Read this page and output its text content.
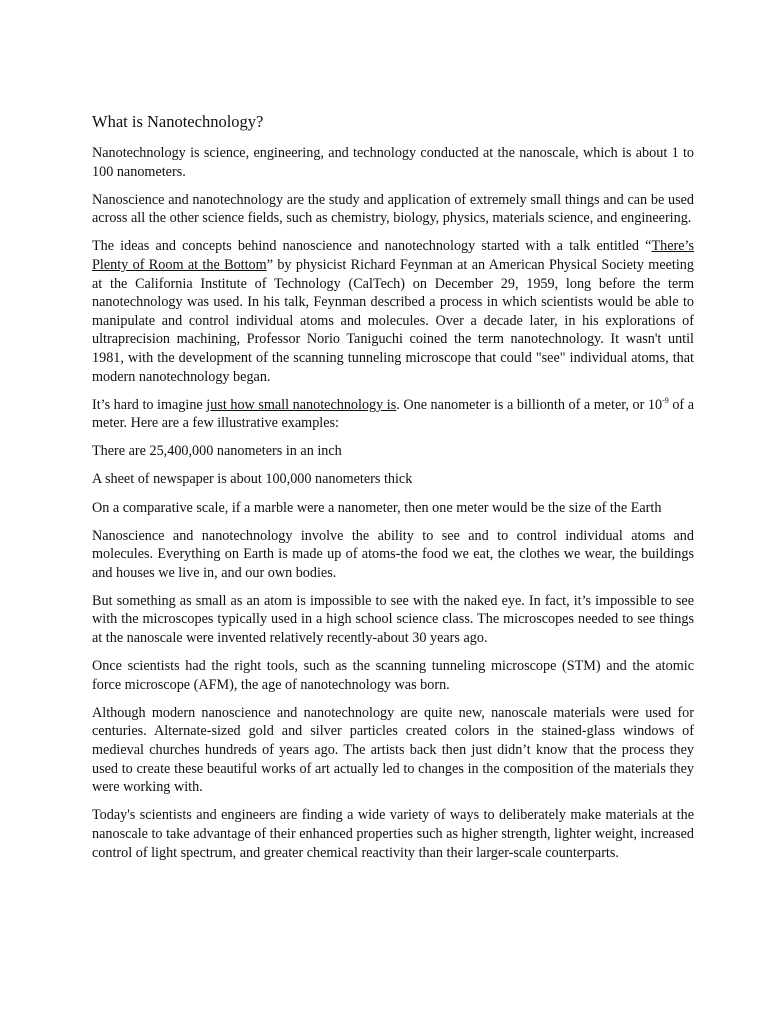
What is Nanotechnology?

Nanotechnology is science, engineering, and technology conducted at the nanoscale, which is about 1 to 100 nanometers.

Nanoscience and nanotechnology are the study and application of extremely small things and can be used across all the other science fields, such as chemistry, biology, physics, materials science, and engineering.

The ideas and concepts behind nanoscience and nanotechnology started with a talk entitled “There’s Plenty of Room at the Bottom” by physicist Richard Feynman at an American Physical Society meeting at the California Institute of Technology (CalTech) on December 29, 1959, long before the term nanotechnology was used. In his talk, Feynman described a process in which scientists would be able to manipulate and control individual atoms and molecules. Over a decade later, in his explorations of ultraprecision machining, Professor Norio Taniguchi coined the term nanotechnology. It wasn't until 1981, with the development of the scanning tunneling microscope that could "see" individual atoms, that modern nanotechnology began.

It’s hard to imagine just how small nanotechnology is. One nanometer is a billionth of a meter, or $10^{-9}$ of a meter. Here are a few illustrative examples:

There are 25,400,000 nanometers in an inch

A sheet of newspaper is about 100,000 nanometers thick

On a comparative scale, if a marble were a nanometer, then one meter would be the size of the Earth

Nanoscience and nanotechnology involve the ability to see and to control individual atoms and molecules. Everything on Earth is made up of atoms-the food we eat, the clothes we wear, the buildings and houses we live in, and our own bodies.

But something as small as an atom is impossible to see with the naked eye. In fact, it’s impossible to see with the microscopes typically used in a high school science class. The microscopes needed to see things at the nanoscale were invented relatively recently-about 30 years ago.

Once scientists had the right tools, such as the scanning tunneling microscope (STM) and the atomic force microscope (AFM), the age of nanotechnology was born.

Although modern nanoscience and nanotechnology are quite new, nanoscale materials were used for centuries. Alternate-sized gold and silver particles created colors in the stained-glass windows of medieval churches hundreds of years ago. The artists back then just didn’t know that the process they used to create these beautiful works of art actually led to changes in the composition of the materials they were working with.

Today's scientists and engineers are finding a wide variety of ways to deliberately make materials at the nanoscale to take advantage of their enhanced properties such as higher strength, lighter weight, increased control of light spectrum, and greater chemical reactivity than their larger-scale counterparts.
